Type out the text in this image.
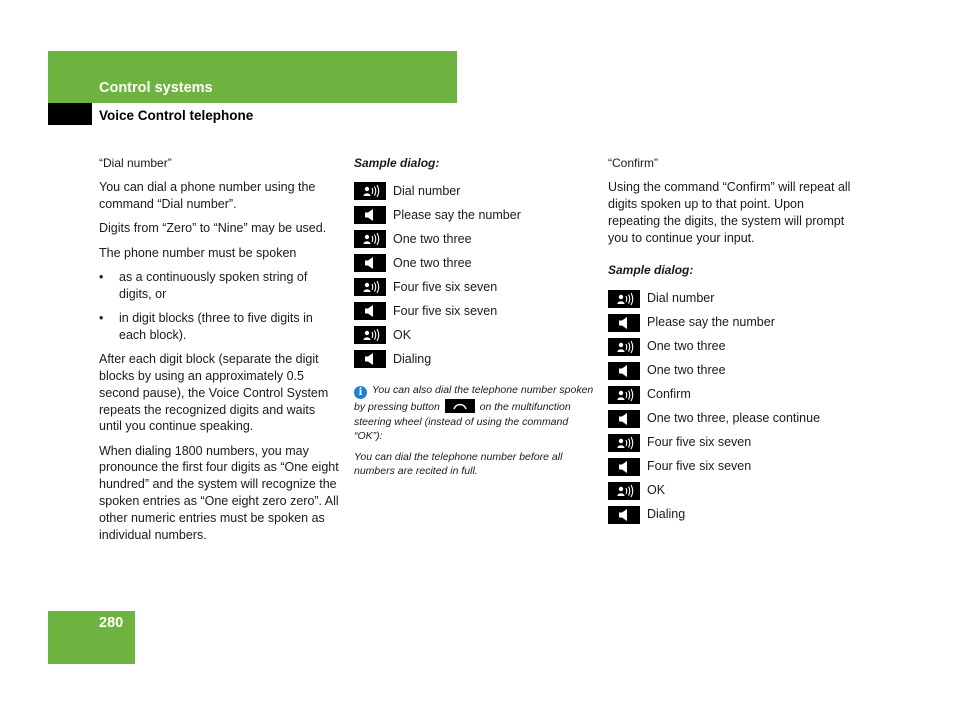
Control systems
Voice Control telephone

“Dial number”

You can dial a phone number using the command “Dial number”.

Digits from “Zero” to “Nine” may be used.

The phone number must be spoken

•	as a continuously spoken string of digits, or
•	in digit blocks (three to five digits in each block).

After each digit block (separate the digit blocks by using an approximately 0.5 second pause), the Voice Control System repeats the recognized digits and waits until you continue speaking.

When dialing 1800 numbers, you may pronounce the first four digits as “One eight hundred” and the system will recognize the spoken entries as “One eight zero zero”. All other numeric entries must be spoken as individual numbers.

Sample dialog:

Dial number
Please say the number
One two three
One two three
Four five six seven
Four five six seven
OK
Dialing

i You can also dial the telephone number spoken by pressing button	on the multifunction steering wheel (instead of using the command “OK”):

You can dial the telephone number before all numbers are recited in full.

“Confirm”

Using the command “Confirm” will repeat all digits spoken up to that point. Upon repeating the digits, the system will prompt you to continue your input.

Sample dialog:

Dial number
Please say the number
One two three
One two three
Confirm
One two three, please continue
Four five six seven
Four five six seven
OK
Dialing
280
